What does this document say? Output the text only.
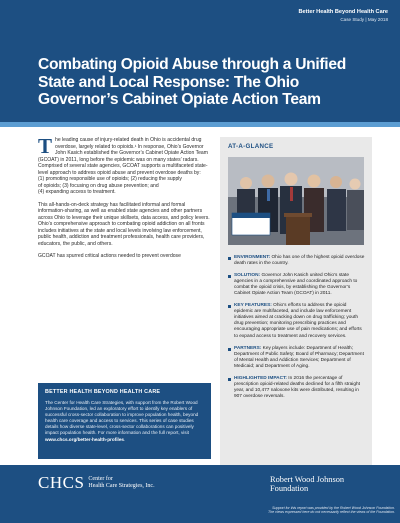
Better Health Beyond Health Care
Case Study | May 2018
Combating Opioid Abuse through a Unified State and Local Response: The Ohio Governor’s Cabinet Opiate Action Team

The leading cause of injury-related death in Ohio is accidental drug overdose, largely related to opioids.¹ In response, Ohio’s Governor John Kasich established the Governor’s Cabinet Opiate Action Team (GCOAT) in 2011, long before the epidemic was on many states’ radars. Comprised of several state agencies, GCOAT supports a multifaceted state-level approach to address opioid abuse and prevent overdose deaths by:
(1) promoting responsible use of opioids; (2) reducing the supply
of opioids; (3) focusing on drug abuse prevention; and
(4) expanding access to treatment.

This all-hands-on-deck strategy has facilitated informal and formal information-sharing, as well as enabled state agencies and other partners across Ohio to leverage their unique skillsets, data access, and policy levers. Ohio’s comprehensive approach to combating opioid addiction on all fronts includes initiatives at the state and local levels involving law enforcement, public health, addiction and treatment professionals, health care providers, educators, the public, and others.

GCOAT has spurred critical actions needed to prevent overdose

BETTER HEALTH BEYOND HEALTH CARE
The Center for Health Care Strategies, with support from the Robert Wood Johnson Foundation, led an exploratory effort to identify key enablers of successful cross-sector collaboration to improve population health, beyond health care coverage and access to services. This series of case studies details how diverse state-level, cross-sector collaborations can positively impact population health. For more information and the full report, visit www.chcs.org/better-health-profiles.
AT-A-GLANCE
ENVIRONMENT: Ohio has one of the highest opioid overdose death rates in the country.
SOLUTION: Governor John Kasich united Ohio’s state agencies in a comprehensive and coordinated approach to combat the opioid crisis, by establishing the Governor’s Cabinet Opiate Action Team (GCOAT) in 2011.
KEY FEATURES: Ohio’s efforts to address the opioid epidemic are multifaceted, and include law enforcement initiatives aimed at cracking down on drug trafficking; youth drug prevention; monitoring prescribing practices and encouraging appropriate use of pain medications; and efforts to expand access to treatment and recovery services.
PARTNERS: Key players include: Department of Health; Department of Public Safety; Board of Pharmacy; Department of Mental Health and Addiction Services; Department of Medicaid; and Department of Aging.
HIGHLIGHTED IMPACT: In 2016 the percentage of prescription opioid-related deaths declined for a fifth straight year, and 10,477 naloxone kits were distributed, resulting in 907 overdose reversals.
CHCS Center for
Health Care Strategies, Inc.
Robert Wood Johnson
Foundation
Support for this report was provided by the Robert Wood Johnson Foundation.
The views expressed here do not necessarily reflect the views of the Foundation.
